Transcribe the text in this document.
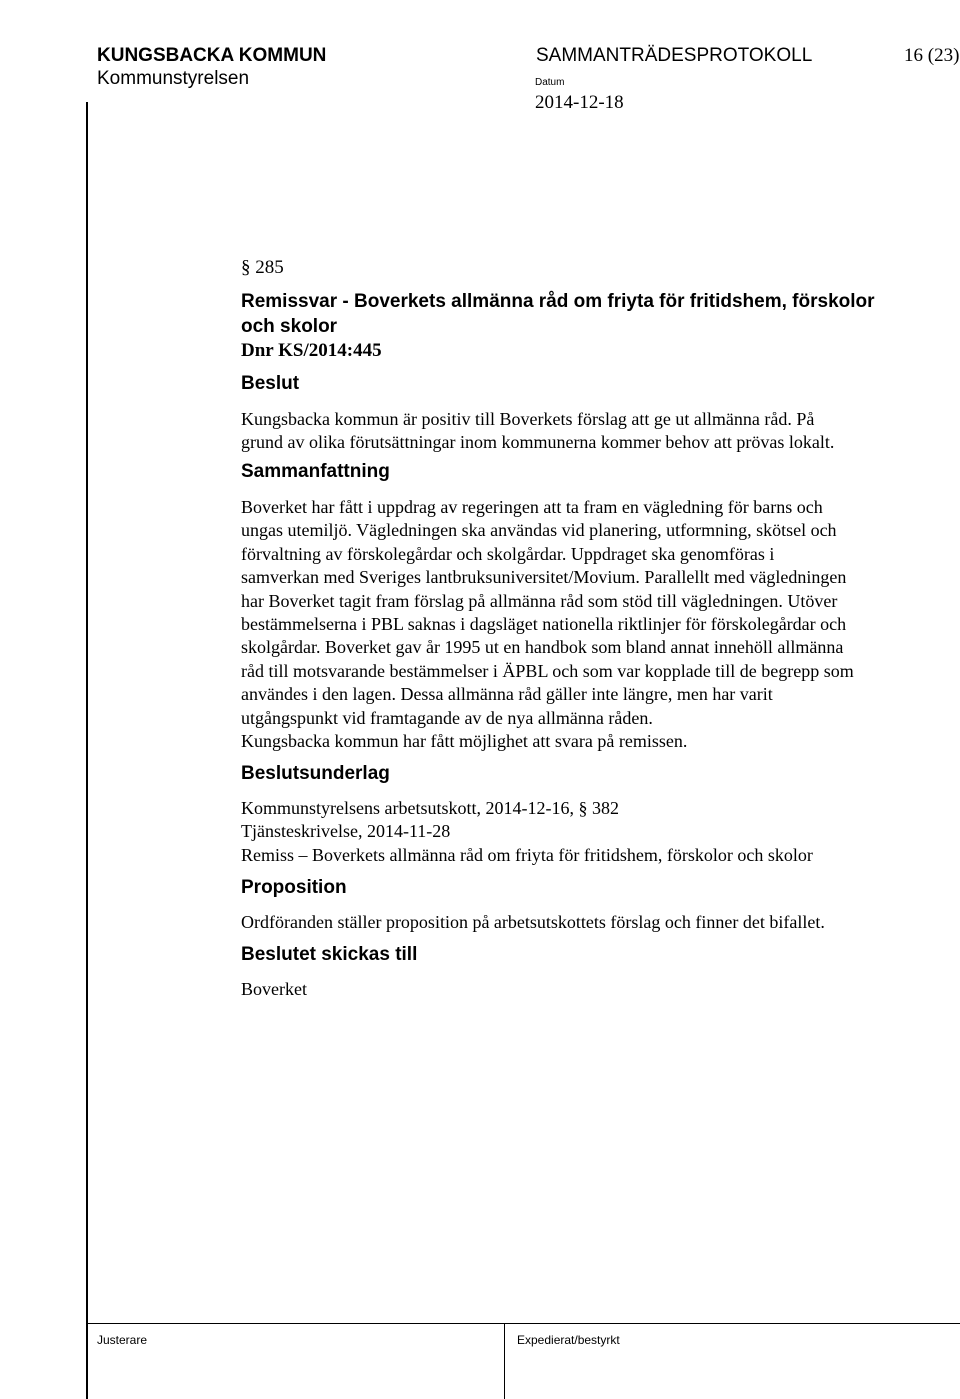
KUNGSBACKA KOMMUN
Kommunstyrelsen
SAMMANTRÄDESPROTOKOLL	16 (23)
Datum
2014-12-18
§ 285
Remissvar - Boverkets allmänna råd om friyta för fritidshem, förskolor
och skolor
Dnr KS/2014:445
Beslut
Kungsbacka kommun är positiv till Boverkets förslag att ge ut allmänna råd. På
grund av olika förutsättningar inom kommunerna kommer behov att prövas lokalt.
Sammanfattning
Boverket har fått i uppdrag av regeringen att ta fram en vägledning för barns och
ungas utemiljö. Vägledningen ska användas vid planering, utformning, skötsel och
förvaltning av förskolegårdar och skolgårdar. Uppdraget ska genomföras i
samverkan med Sveriges lantbruksuniversitet/Movium. Parallellt med vägledningen
har Boverket tagit fram förslag på allmänna råd som stöd till vägledningen. Utöver
bestämmelserna i PBL saknas i dagsläget nationella riktlinjer för förskolegårdar och
skolgårdar. Boverket gav år 1995 ut en handbok som bland annat innehöll allmänna
råd till motsvarande bestämmelser i ÄPBL och som var kopplade till de begrepp som
användes i den lagen. Dessa allmänna råd gäller inte längre, men har varit
utgångspunkt vid framtagande av de nya allmänna råden.
Kungsbacka kommun har fått möjlighet att svara på remissen.
Beslutsunderlag
Kommunstyrelsens arbetsutskott, 2014-12-16, § 382
Tjänsteskrivelse, 2014-11-28
Remiss – Boverkets allmänna råd om friyta för fritidshem, förskolor och skolor
Proposition
Ordföranden ställer proposition på arbetsutskottets förslag och finner det bifallet.
Beslutet skickas till
Boverket
Justerare	Expedierat/bestyrkt
